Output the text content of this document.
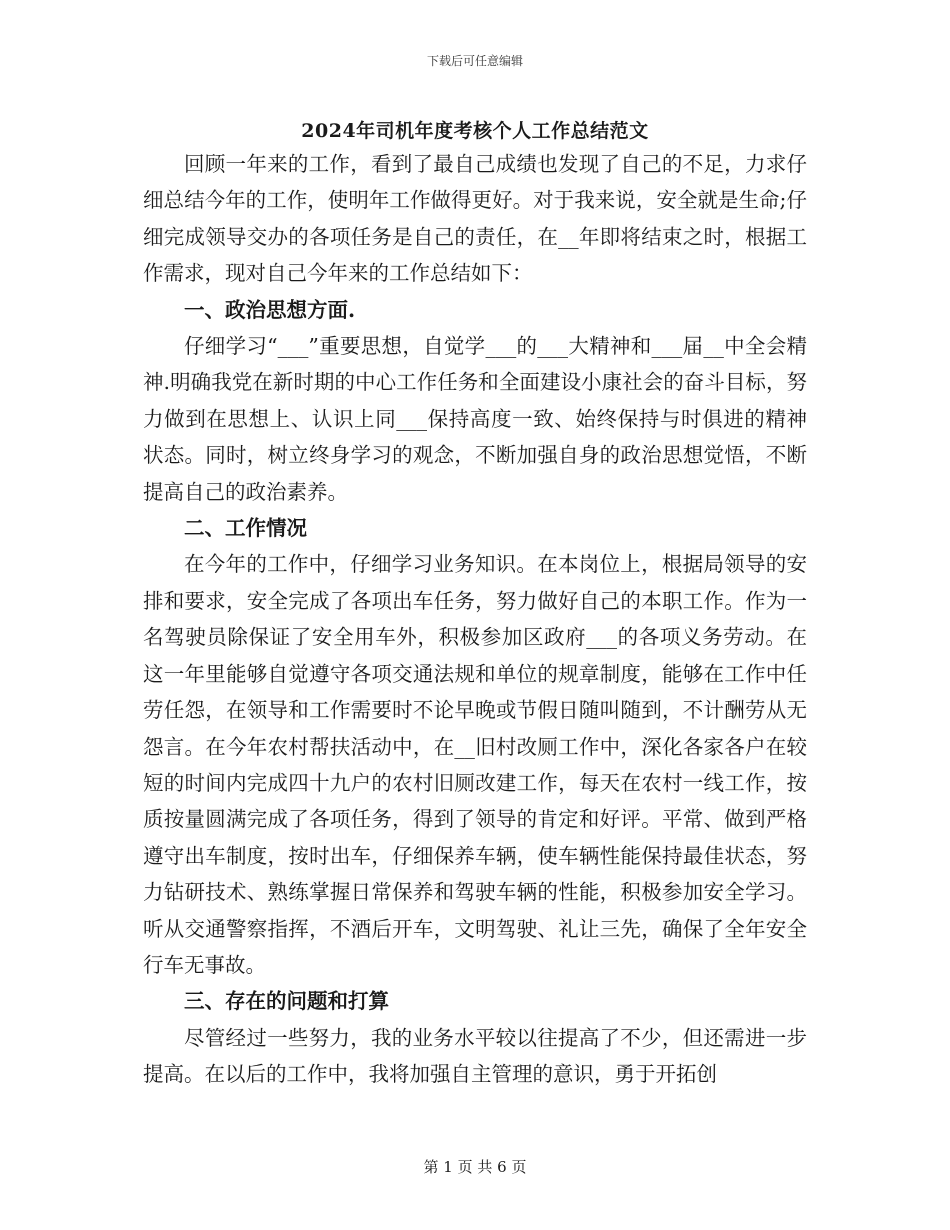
下载后可任意编辑
2024年司机年度考核个人工作总结范文

回顾一年来的工作，看到了最自己成绩也发现了自己的不足，力求仔细总结今年的工作，使明年工作做得更好。对于我来说，安全就是生命;仔细完成领导交办的各项任务是自己的责任，在__年即将结束之时，根据工作需求，现对自己今年来的工作总结如下：

一、政治思想方面.

仔细学习“___”重要思想，自觉学___的___大精神和___届__中全会精神.明确我党在新时期的中心工作任务和全面建设小康社会的奋斗目标，努力做到在思想上、认识上同___保持高度一致、始终保持与时俱进的精神状态。同时，树立终身学习的观念，不断加强自身的政治思想觉悟，不断提高自己的政治素养。

二、工作情况

在今年的工作中，仔细学习业务知识。在本岗位上，根据局领导的安排和要求，安全完成了各项出车任务，努力做好自己的本职工作。作为一名驾驶员除保证了安全用车外，积极参加区政府___的各项义务劳动。在这一年里能够自觉遵守各项交通法规和单位的规章制度，能够在工作中任劳任怨，在领导和工作需要时不论早晚或节假日随叫随到，不计酬劳从无怨言。在今年农村帮扶活动中，在__旧村改厕工作中，深化各家各户在较短的时间内完成四十九户的农村旧厕改建工作，每天在农村一线工作，按质按量圆满完成了各项任务，得到了领导的肯定和好评。平常、做到严格遵守出车制度，按时出车，仔细保养车辆，使车辆性能保持最佳状态，努力钻研技术、熟练掌握日常保养和驾驶车辆的性能，积极参加安全学习。听从交通警察指挥，不酒后开车，文明驾驶、礼让三先，确保了全年安全行车无事故。

三、存在的问题和打算

尽管经过一些努力，我的业务水平较以往提高了不少，但还需进一步提高。在以后的工作中，我将加强自主管理的意识，勇于开拓创

第 1 页 共 6 页
